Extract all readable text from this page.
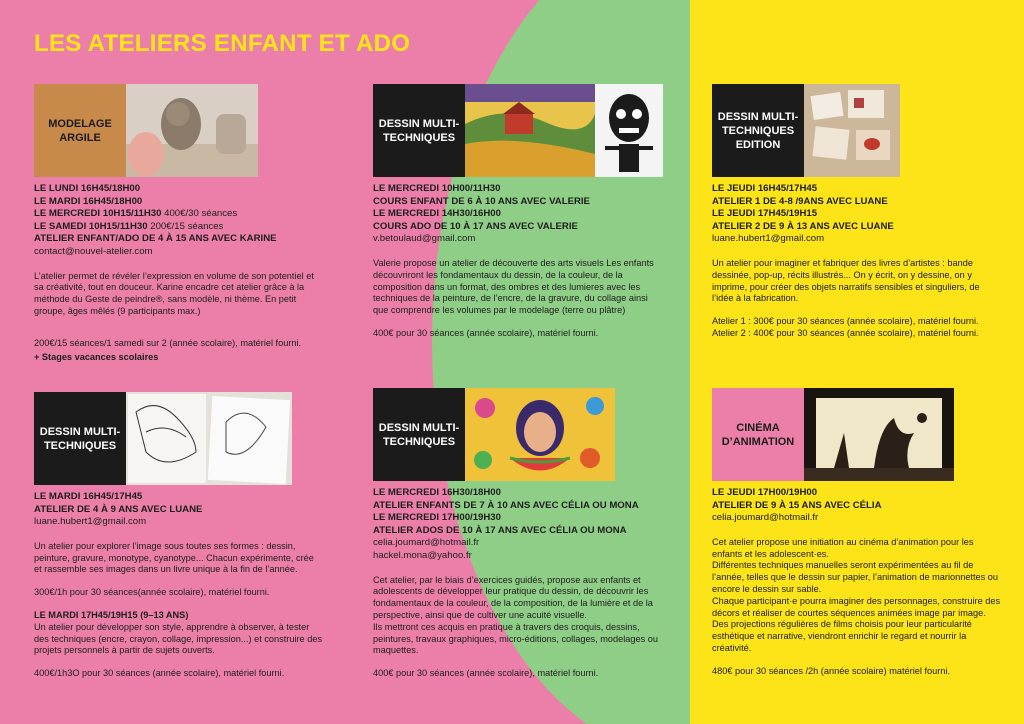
LES ATELIERS ENFANT ET ADO
MODELAGE ARGILE
LE LUNDI 16H45/18H00
LE MARDI 16H45/18H00
LE MERCREDI 10H15/11H30 400€/30 séances
LE SAMEDI 10H15/11H30 200€/15 séances
ATELIER ENFANT/ADO DE 4 À 15 ANS AVEC KARINE
contact@nouvel-atelier.com

L’atelier permet de révéler l’expression en volume de son potentiel et sa créativité, tout en douceur. Karine encadre cet atelier grâce à la méthode du Geste de peindre®, sans modèle, ni thème. En petit groupe, âges mêlés (9 participants max.)

200€/15 séances/1 samedi sur 2 (année scolaire), matériel fourni.

+ Stages vacances scolaires

DESSIN MULTI-TECHNIQUES
LE MERCREDI 10H00/11H30
COURS ENFANT DE 6 À 10 ANS AVEC VALERIE
LE MERCREDI 14H30/16H00
COURS ADO DE 10 À 17 ANS AVEC VALERIE
v.betoulaud@gmail.com

Valerie propose un atelier de découverte des arts visuels Les enfants découvriront les fondamentaux du dessin, de la couleur, de la composition dans un format, des ombres et des lumieres avec les techniques de la peinture, de l’encre, de la gravure, du collage ainsi que comprendre les volumes par le modelage (terre ou plâtre)

400€ pour 30 séances (année scolaire), matériel fourni.

DESSIN MULTI-TECHNIQUES EDITION
LE JEUDI 16H45/17H45
ATELIER 1 DE 4-8 /9ANS AVEC LUANE
LE JEUDI 17H45/19H15
ATELIER 2 DE 9 À 13 ANS AVEC LUANE
luane.hubert1@gmail.com

Un atelier pour imaginer et fabriquer des livres d’artistes : bande dessinée, pop-up, récits illustrés... On y écrit, on y dessine, on y imprime, pour créer des objets narratifs sensibles et singuliers, de l’idée à la fabrication.

Atelier 1 : 300€ pour 30 séances (année scolaire), matériel fourni.
Atelier 2 : 400€ pour 30 séances (année scolaire), matériel fourni.

DESSIN MULTI-TECHNIQUES
LE MARDI 16H45/17H45
ATELIER DE 4 À 9 ANS AVEC LUANE
luane.hubert1@gmail.com

Un atelier pour explorer l’image sous toutes ses formes : dessin, peinture, gravure, monotype, cyanotype... Chacun expérimente, crée et rassemble ses images dans un livre unique à la fin de l’année.

300€/1h pour 30 séances(année scolaire), matériel fourni.

LE MARDI 17H45/19H15 (9–13 ANS)

Un atelier pour développer son style, apprendre à observer, à tester des techniques (encre, crayon, collage, impression...) et construire des projets personnels à partir de sujets ouverts.

400€/1h3O pour 30 séances (année scolaire), matériel fourni.

DESSIN MULTI-TECHNIQUES
LE MERCREDI 16H30/18H00
ATELIER ENFANTS DE 7 À 10 ANS AVEC CÉLIA OU MONA
LE MERCREDI 17H00/19H30
ATELIER ADOS DE 10 À 17 ANS AVEC CÉLIA OU MONA
celia.joumard@hotmail.fr
hackel.mona@yahoo.fr

Cet atelier, par le biais d’exercices guidés, propose aux enfants et adolescents de développer leur pratique du dessin, de découvrir les fondamentaux de la couleur, de la composition, de la lumière et de la perspective, ainsi que de cultiver une acuité visuelle.
Ils mettront ces acquis en pratique à travers des croquis, dessins, peintures, travaux graphiques, micro-éditions, collages, modelages ou maquettes.

400€ pour 30 séances (année scolaire), matériel fourni.

CINÉMA D’ANIMATION
LE JEUDI 17H00/19H00
ATELIER DE 9 À 15 ANS AVEC CÉLIA
celia.joumard@hotmail.fr

Cet atelier propose une initiation au cinéma d’animation pour les enfants et les adolescent·es.
Différentes techniques manuelles seront expérimentées au fil de l’année, telles que le dessin sur papier, l’animation de marionnettes ou encore le dessin sur sable.
Chaque participant·e pourra imaginer des personnages, construire des décors et réaliser de courtes séquences animées image par image.
Des projections régulières de films choisis pour leur particularité esthétique et narrative, viendront enrichir le regard et nourrir la créativité.

480€ pour 30 séances /2h (année scolaire) matériel fourni.
